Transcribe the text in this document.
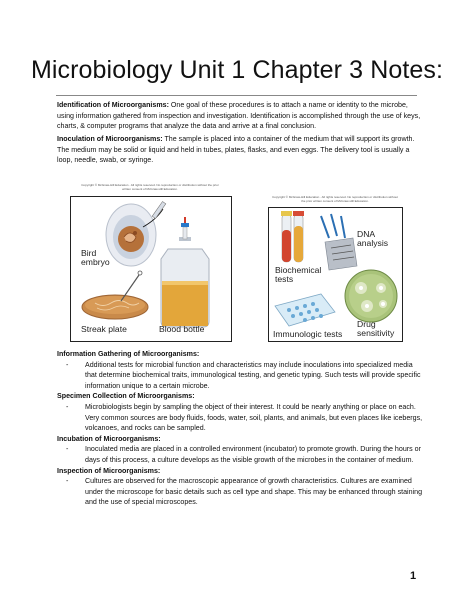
Microbiology Unit 1 Chapter 3 Notes:
Identification of Microorganisms: One goal of these procedures is to attach a name or identity to the microbe, using information gathered from inspection and investigation. Identification is accomplished through the use of keys, charts, & computer programs that analyze the data and arrive at a final conclusion.
Inoculation of Microorganisms: The sample is placed into a container of the medium that will support its growth. The medium may be solid or liquid and held in tubes, plates, flasks, and even eggs. The delivery tool is usually a loop, needle, swab, or syringe.
Copyright © McGraw-Hill Education . All rights reserved. No reproduction or distribution without the prior written consent of McGraw-Hill Education.
Bird embryo
Streak plate	Blood bottle
Copyright © McGraw-Hill Education . All rights reserved. No reproduction or distribution without the prior written consent of McGraw-Hill Education.
DNA analysis
Biochemical tests
Immunologic tests
Drug sensitivity
Information Gathering of Microorganisms:
- Additional tests for microbial function and characteristics may include inoculations into specialized media that determine biochemical traits, immunological testing, and genetic typing. Such tests will provide specific information unique to a certain microbe.
Specimen Collection of Microorganisms:
- Microbiologists begin by sampling the object of their interest. It could be nearly anything or place on each. Very common sources are body fluids, foods, water, soil, plants, and animals, but even places like icebergs, volcanoes, and rocks can be sampled.
Incubation of Microorganisms:
- Inoculated media are placed in a controlled environment (incubator) to promote growth. During the hours or days of this process, a culture develops as the visible growth of the microbes in the container of medium.
Inspection of Microorganisms:
- Cultures are observed for the macroscopic appearance of growth characteristics. Cultures are examined under the microscope for basic details such as cell type and shape. This may be enhanced through staining and the use of special microscopes.
1
